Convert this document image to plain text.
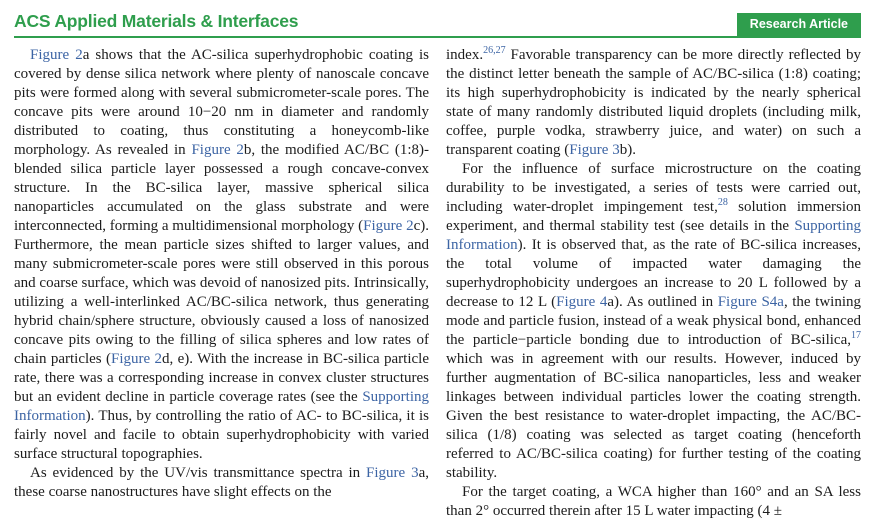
ACS Applied Materials & Interfaces	Research Article

Figure 2a shows that the AC-silica superhydrophobic coating is covered by dense silica network where plenty of nanoscale concave pits were formed along with several submicrometer-scale pores. The concave pits were around 10−20 nm in diameter and randomly distributed to coating, thus constituting a honeycomb-like morphology. As revealed in Figure 2b, the modified AC/BC (1:8)-blended silica particle layer possessed a rough concave-convex structure. In the BC-silica layer, massive spherical silica nanoparticles accumulated on the glass substrate and were interconnected, forming a multidimensional morphology (Figure 2c). Furthermore, the mean particle sizes shifted to larger values, and many submicrometer-scale pores were still observed in this porous and coarse surface, which was devoid of nanosized pits. Intrinsically, utilizing a well-interlinked AC/BC-silica network, thus generating hybrid chain/sphere structure, obviously caused a loss of nanosized concave pits owing to the filling of silica spheres and low rates of chain particles (Figure 2d, e). With the increase in BC-silica particle rate, there was a corresponding increase in convex cluster structures but an evident decline in particle coverage rates (see the Supporting Information). Thus, by controlling the ratio of AC- to BC-silica, it is fairly novel and facile to obtain superhydrophobicity with varied surface structural topographies.

As evidenced by the UV/vis transmittance spectra in Figure 3a, these coarse nanostructures have slight effects on the

index.$^{26,27}$ Favorable transparency can be more directly reflected by the distinct letter beneath the sample of AC/BC-silica (1:8) coating; its high superhydrophobicity is indicated by the nearly spherical state of many randomly distributed liquid droplets (including milk, coffee, purple vodka, strawberry juice, and water) on such a transparent coating (Figure 3b).

For the influence of surface microstructure on the coating durability to be investigated, a series of tests were carried out, including water-droplet impingement test,$^{28}$ solution immersion experiment, and thermal stability test (see details in the Supporting Information). It is observed that, as the rate of BC-silica increases, the total volume of impacted water damaging the superhydrophobicity undergoes an increase to 20 L followed by a decrease to 12 L (Figure 4a). As outlined in Figure S4a, the twining mode and particle fusion, instead of a weak physical bond, enhanced the particle−particle bonding due to introduction of BC-silica,$^{17}$ which was in agreement with our results. However, induced by further augmentation of BC-silica nanoparticles, less and weaker linkages between individual particles lower the coating strength. Given the best resistance to water-droplet impacting, the AC/BC-silica (1/8) coating was selected as target coating (henceforth referred to AC/BC-silica coating) for further testing of the coating stability.

For the target coating, a WCA higher than 160° and an SA less than 2° occurred therein after 15 L water impacting (4 ±
